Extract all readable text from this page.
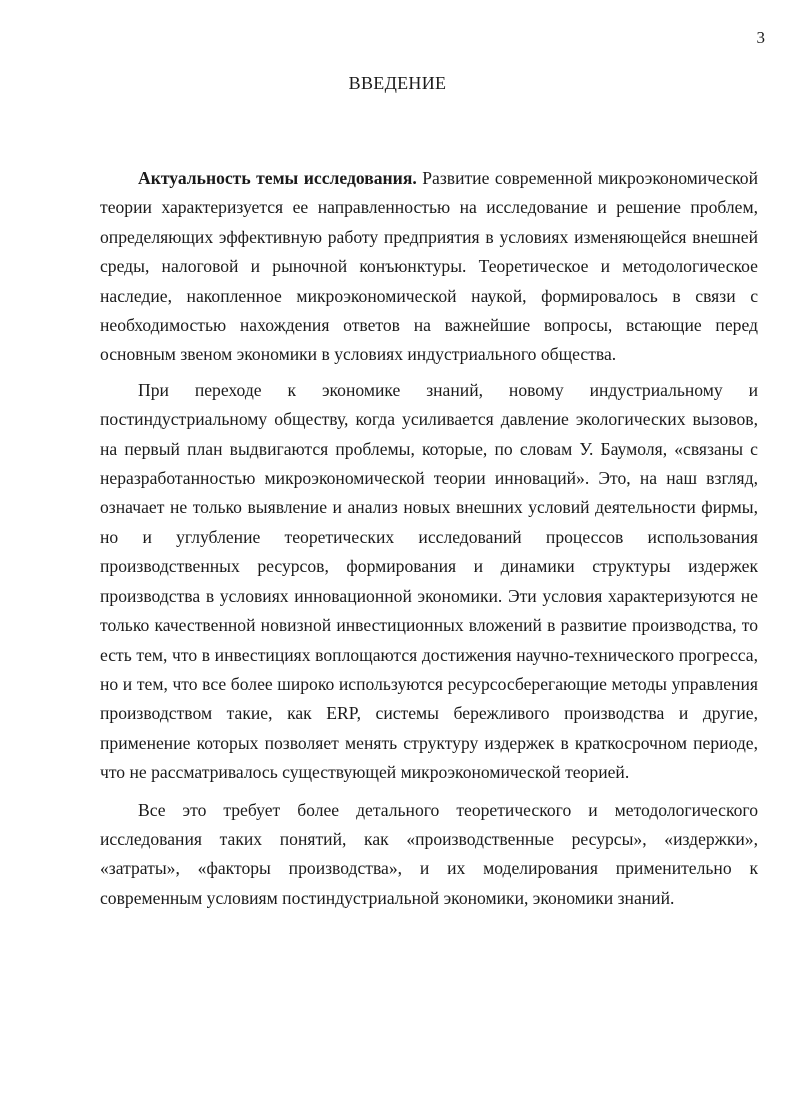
3
ВВЕДЕНИЕ

Актуальность темы исследования. Развитие современной микроэкономической теории характеризуется ее направленностью на исследование и решение проблем, определяющих эффективную работу предприятия в условиях изменяющейся внешней среды, налоговой и рыночной конъюнктуры. Теоретическое и методологическое наследие, накопленное микроэкономической наукой, формировалось в связи с необходимостью нахождения ответов на важнейшие вопросы, встающие перед основным звеном экономики в условиях индустриального общества.

При переходе к экономике знаний, новому индустриальному и постиндустриальному обществу, когда усиливается давление экологических вызовов, на первый план выдвигаются проблемы, которые, по словам У. Баумоля, «связаны с неразработанностью микроэкономической теории инноваций». Это, на наш взгляд, означает не только выявление и анализ новых внешних условий деятельности фирмы, но и углубление теоретических исследований процессов использования производственных ресурсов, формирования и динамики структуры издержек производства в условиях инновационной экономики. Эти условия характеризуются не только качественной новизной инвестиционных вложений в развитие производства, то есть тем, что в инвестициях воплощаются достижения научно-технического прогресса, но и тем, что все более широко используются ресурсосберегающие методы управления производством такие, как ERP, системы бережливого производства и другие, применение которых позволяет менять структуру издержек в краткосрочном периоде, что не рассматривалось существующей микроэкономической теорией.

Все это требует более детального теоретического и методологического исследования таких понятий, как «производственные ресурсы», «издержки», «затраты», «факторы производства», и их моделирования применительно к современным условиям постиндустриальной экономики, экономики знаний.
